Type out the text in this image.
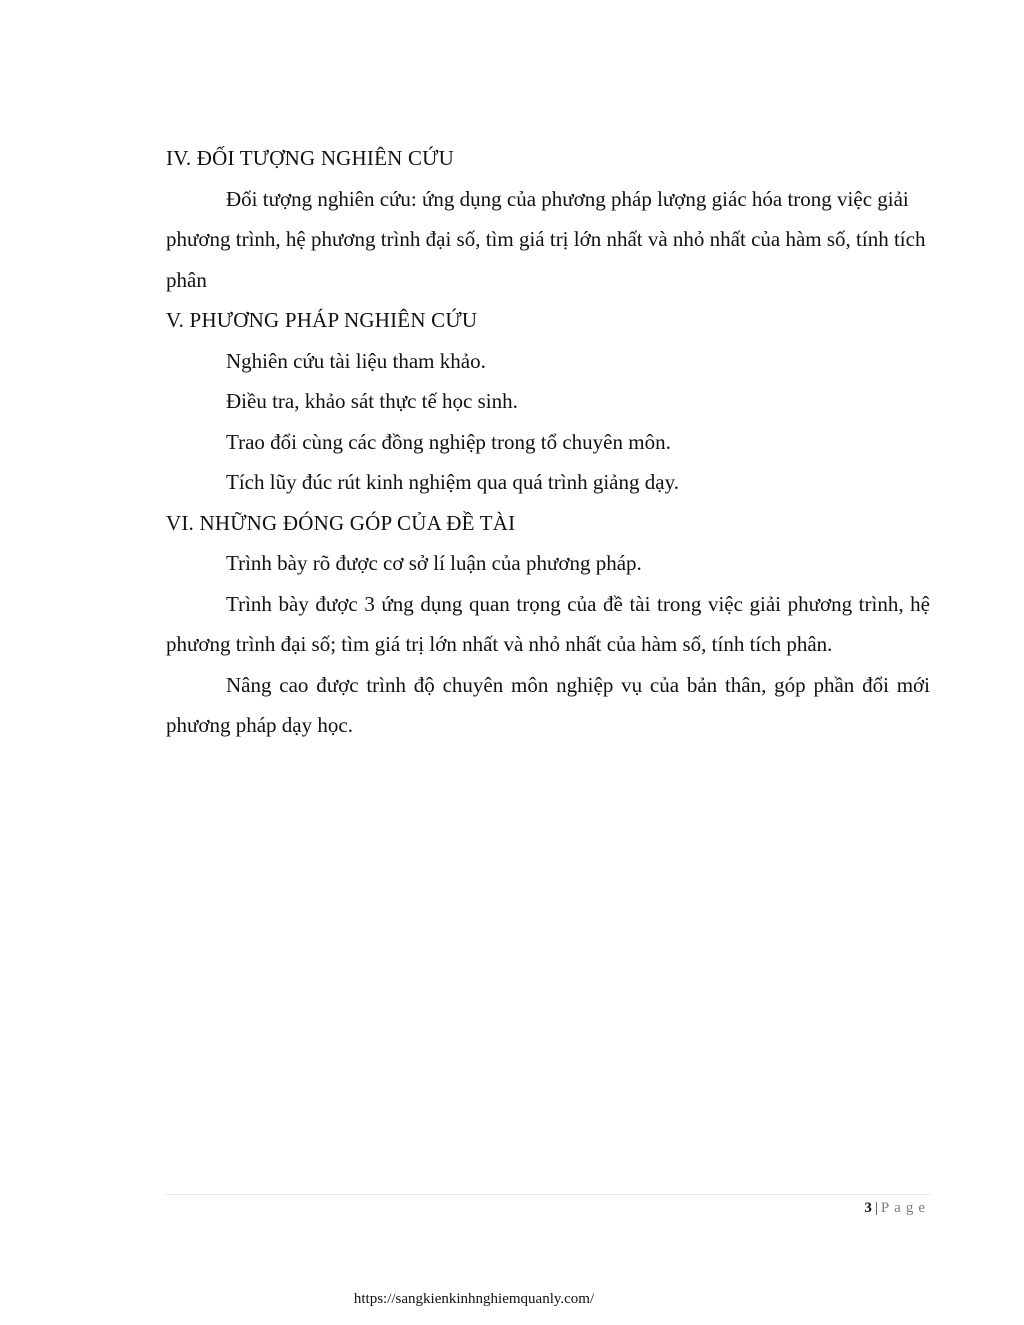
IV. ĐỐI TƯỢNG NGHIÊN CỨU

Đối tượng nghiên cứu: ứng dụng của phương pháp lượng giác hóa trong việc giải phương trình, hệ phương trình đại số, tìm giá trị lớn nhất và nhỏ nhất của hàm số, tính tích phân

V. PHƯƠNG PHÁP NGHIÊN CỨU

Nghiên cứu tài liệu tham khảo.

Điều tra, khảo sát thực tế học sinh.

Trao đổi cùng các đồng nghiệp trong tổ chuyên môn.

Tích lũy đúc rút kinh nghiệm qua quá trình giảng dạy.

VI. NHỮNG ĐÓNG GÓP CỦA ĐỀ TÀI

Trình bày rõ được cơ sở lí luận của phương pháp.

Trình bày được 3 ứng dụng quan trọng của đề tài trong việc giải phương trình, hệ phương trình đại số; tìm giá trị lớn nhất và nhỏ nhất của hàm số, tính tích phân.

Nâng cao được trình độ chuyên môn nghiệp vụ của bản thân, góp phần đổi mới phương pháp dạy học.

3 | Page
https://sangkienkinhnghiemquanly.com/
